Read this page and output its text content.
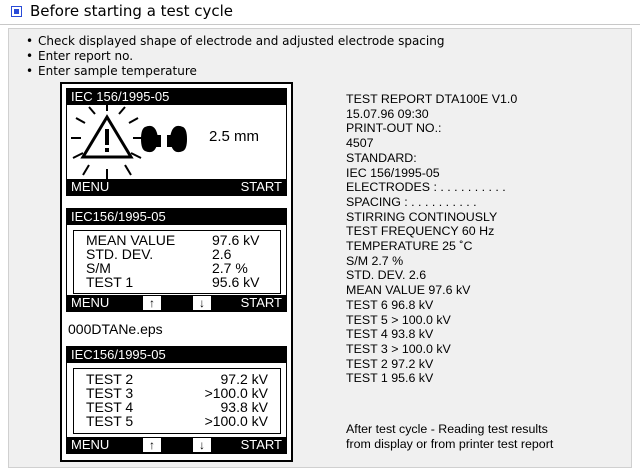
Before starting a test cycle
• Check displayed shape of electrode and adjusted electrode spacing
• Enter report no.
• Enter sample temperature
IEC 156/1995-05
2.5 mm
MENU	START
IEC156/1995-05
MEAN VALUE	97.6 kV
STD. DEV.	2.6
S/M	2.7 %
TEST 1	95.6 kV
MENU	↑	↓	START
IEC156/1995-05
TEST 2	97.2 kV
TEST 3	>100.0 kV
TEST 4	93.8 kV
TEST 5	>100.0 kV
MENU	↑	↓	START
000DTANe.eps
TEST REPORT DTA100E V1.0
15.07.96 09:30
PRINT-OUT NO.:
4507
STANDARD:
IEC 156/1995-05
ELECTRODES : . . . . . . . . . .
SPACING : . . . . . . . . . .
STIRRING CONTINOUSLY
TEST FREQUENCY 60 Hz
TEMPERATURE 25 ˚C
S/M 2.7 %
STD. DEV. 2.6
MEAN VALUE 97.6 kV
TEST 6 96.8 kV
TEST 5 > 100.0 kV
TEST 4 93.8 kV
TEST 3 > 100.0 kV
TEST 2 97.2 kV
TEST 1 95.6 kV
After test cycle - Reading test results
from display or from printer test report
